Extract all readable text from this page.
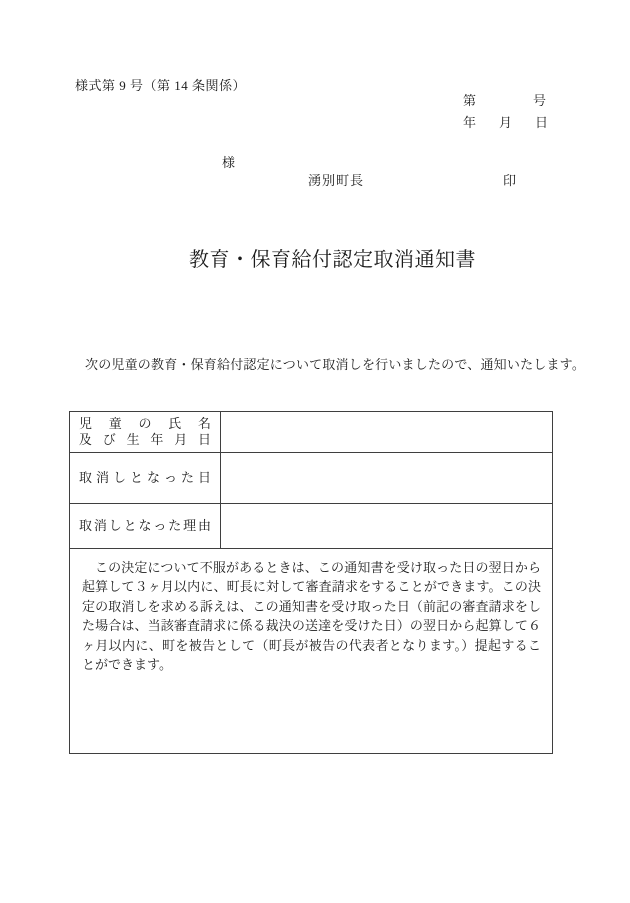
様式第 9 号（第 14 条関係）
第	号
年 月 日
様
湧別町長	印
教育・保育給付認定取消通知書

次の児童の教育・保育給付認定について取消しを行いましたので、通知いたします。

児童の氏名
及び生年月日
取消しとなった日
取消しとなった理由

この決定について不服があるときは、この通知書を受け取った日の翌日から起算して３ヶ月以内に、町長に対して審査請求をすることができます。この決定の取消しを求める訴えは、この通知書を受け取った日（前記の審査請求をした場合は、当該審査請求に係る裁決の送達を受けた日）の翌日から起算して６ヶ月以内に、町を被告として（町長が被告の代表者となります。）提起することができます。
